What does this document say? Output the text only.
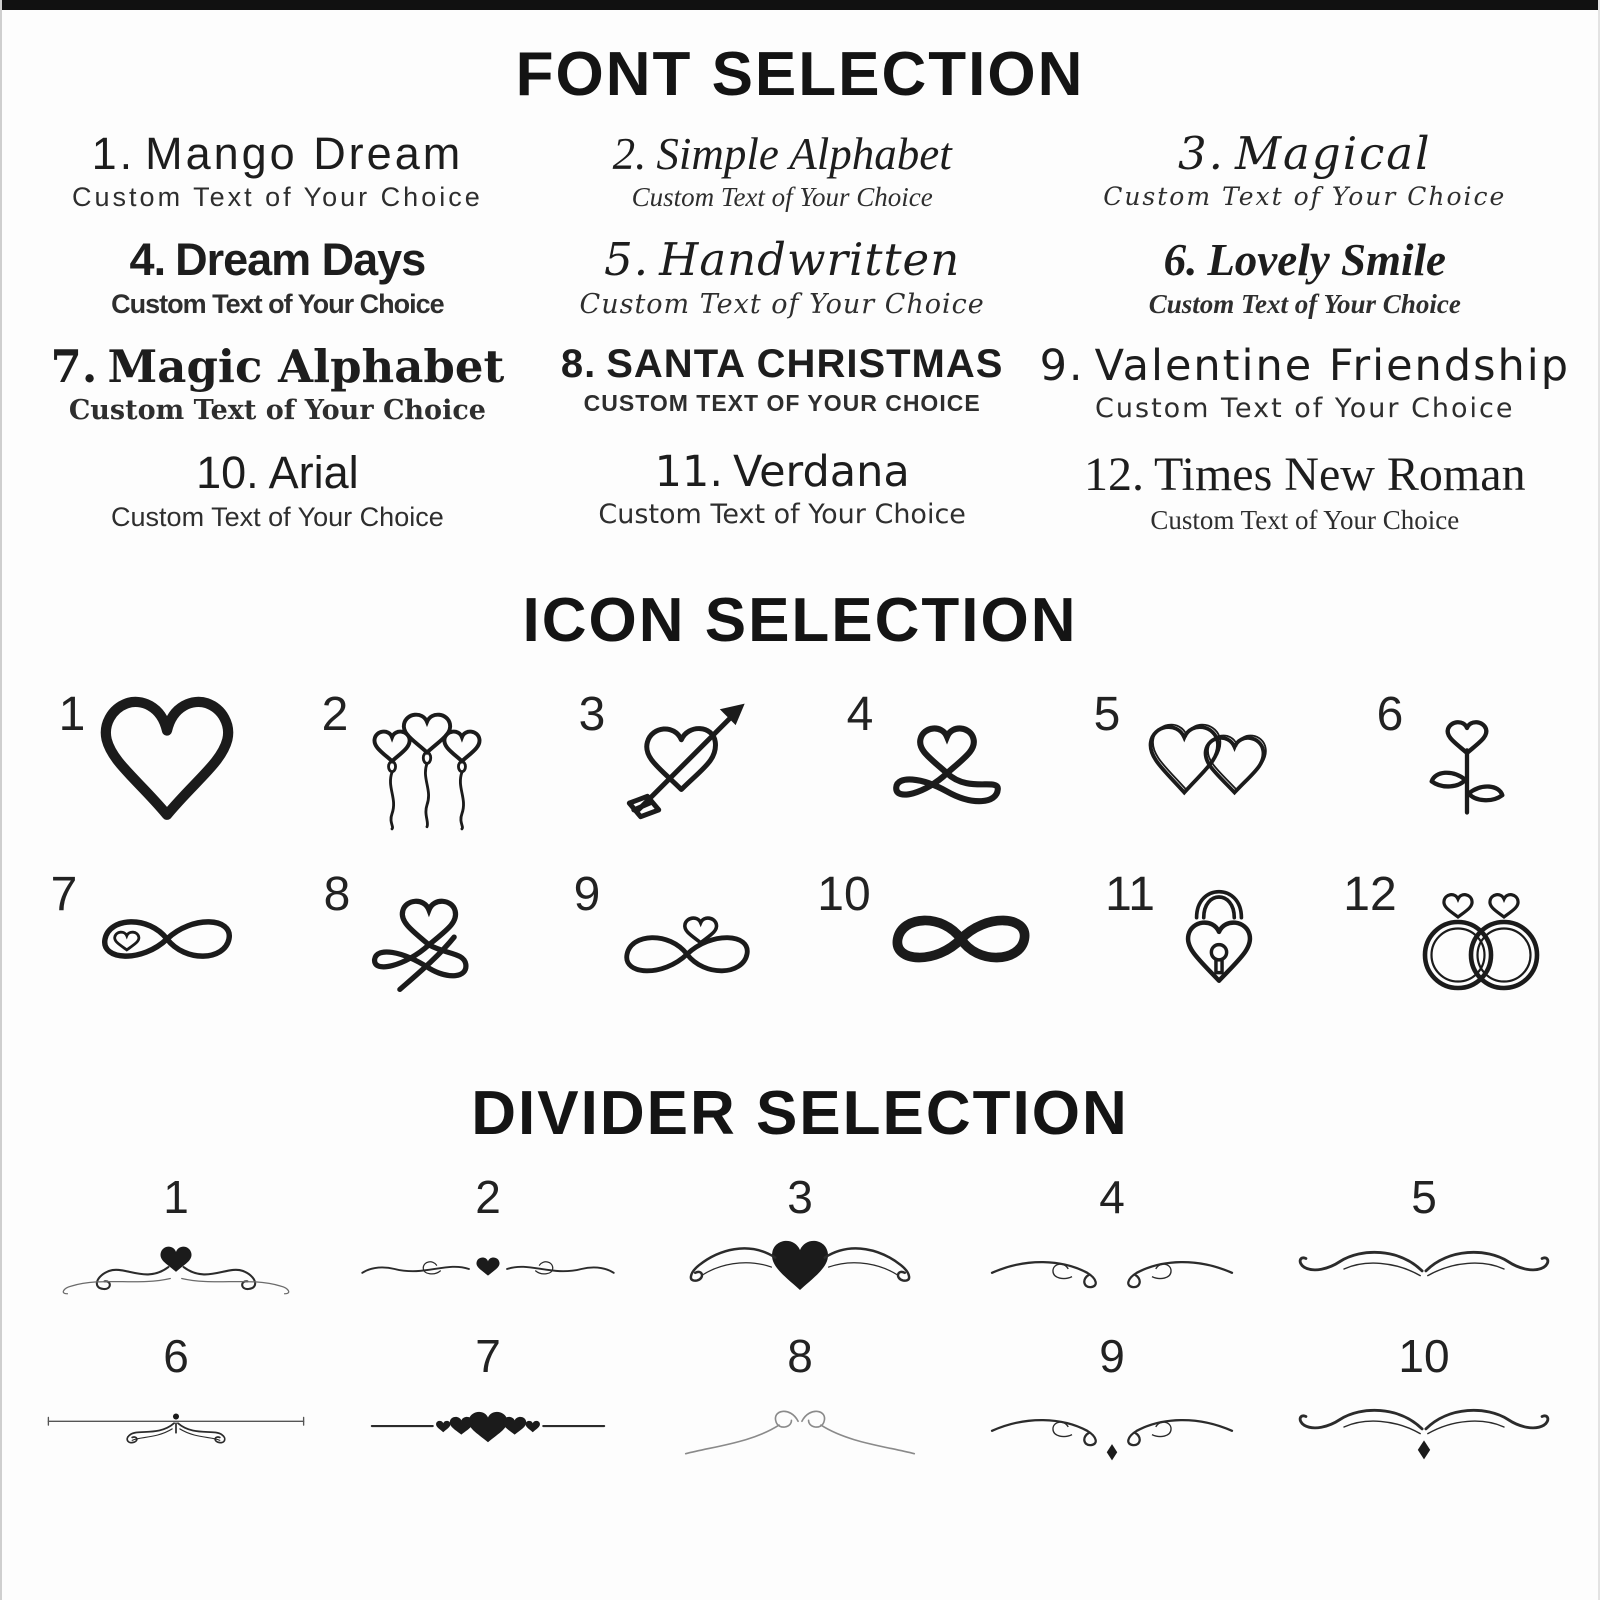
FONT SELECTION
1. Mango Dream
Custom Text of Your Choice
2. Simple Alphabet
Custom Text of Your Choice
3. Magical
Custom Text of Your Choice
4. Dream Days
Custom Text of Your Choice
5. Handwritten
Custom Text of Your Choice
6. Lovely Smile
Custom Text of Your Choice
7. Magic Alphabet
Custom Text of Your Choice
8. SANTA CHRISTMAS
CUSTOM TEXT OF YOUR CHOICE
9. Valentine Friendship
Custom Text of Your Choice
10. Arial
Custom Text of Your Choice
11. Verdana
Custom Text of Your Choice
12. Times New Roman
Custom Text of Your Choice
ICON SELECTION
1	2	3	4	5	6
7	8	9	10	11	12
DIVIDER SELECTION
1	2	3	4	5
6	7	8	9	10
